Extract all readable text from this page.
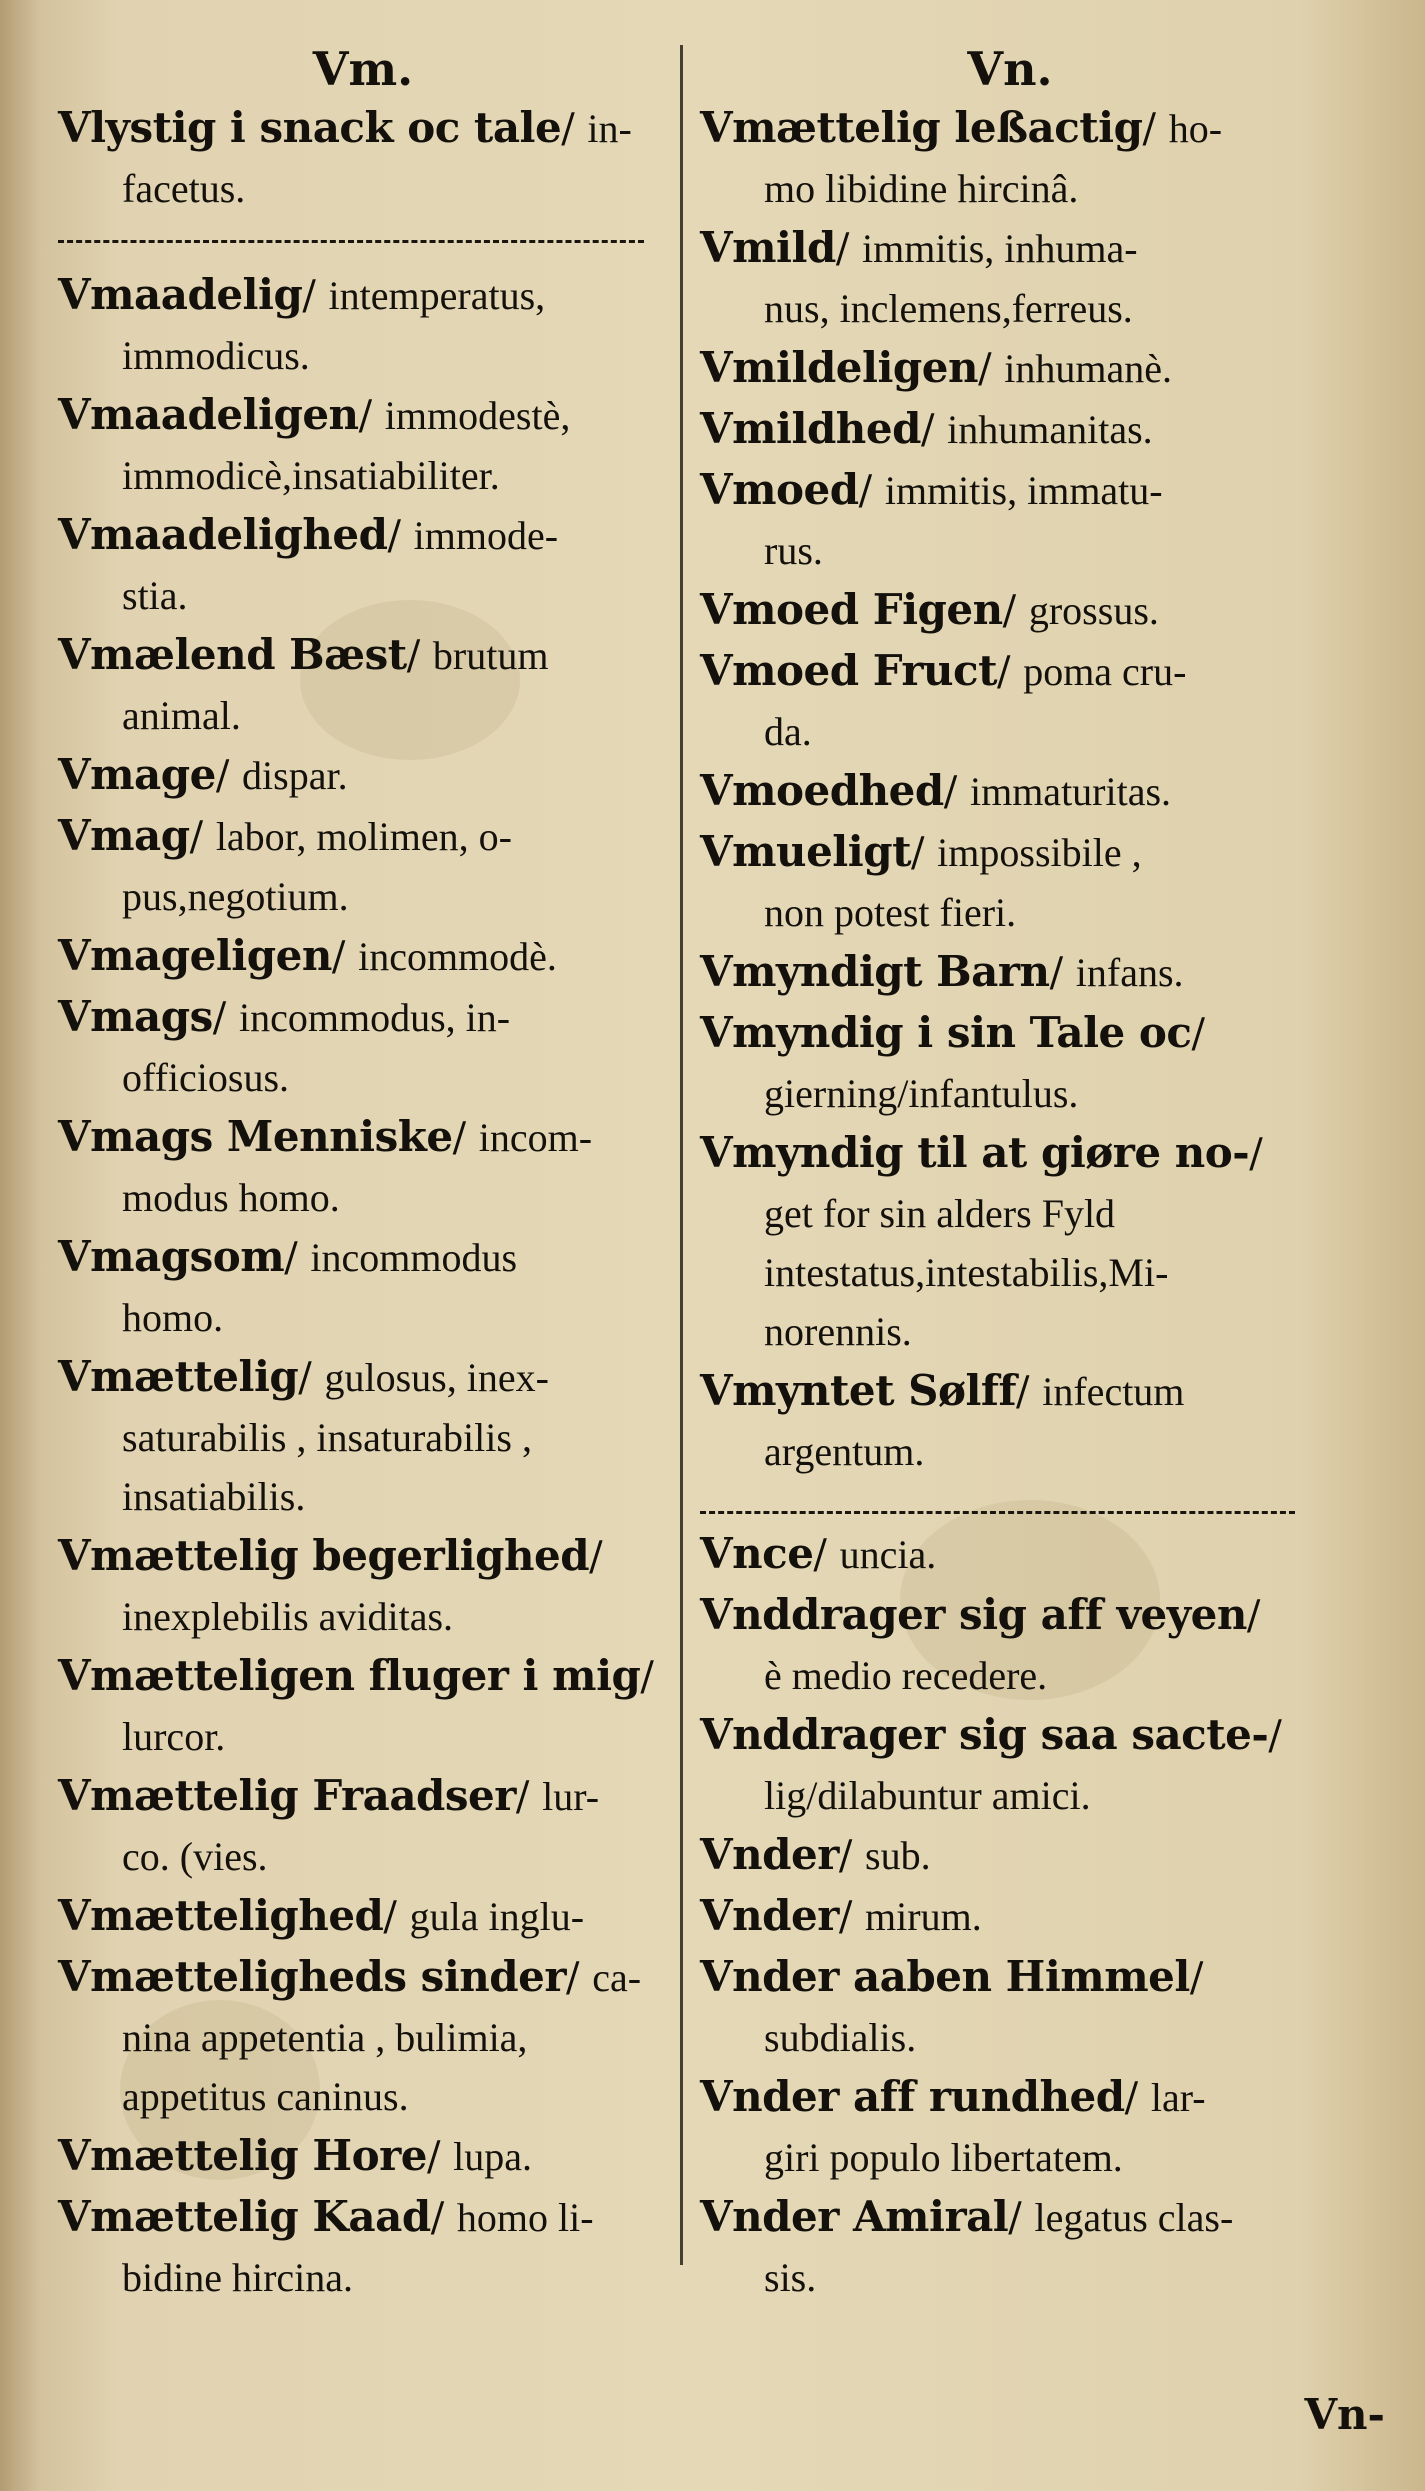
Vm.
Vlystig i snack oc tale/ in-
facetus.
Vmaadelig/ intemperatus,
immodicus.
Vmaadeligen/ immodestè,
immodicè,insatiabiliter.
Vmaadelighed/ immode-
stia.
Vmælend Bæst/ brutum
animal.
Vmage/ dispar.
Vmag/ labor, molimen, o-
pus,negotium.
Vmageligen/ incommodè.
Vmags/ incommodus, in-
officiosus.
Vmags Menniske/ incom-
modus homo.
Vmagsom/ incommodus
homo.
Vmættelig/ gulosus, inex-
saturabilis , insaturabilis ,
insatiabilis.
Vmættelig begerlighed/
inexplebilis aviditas.
Vmætteligen fluger i mig/
lurcor.
Vmættelig Fraadser/ lur-
co. (vies.
Vmættelighed/ gula inglu-
Vmætteligheds sinder/ ca-
nina appetentia , bulimia,
appetitus caninus.
Vmættelig Hore/ lupa.
Vmættelig Kaad/ homo li-
bidine hircina.
Vn.
Vmættelig leßactig/ ho-
mo libidine hircinâ.
Vmild/ immitis, inhuma-
nus, inclemens,ferreus.
Vmildeligen/ inhumanè.
Vmildhed/ inhumanitas.
Vmoed/ immitis, immatu-
rus.
Vmoed Figen/ grossus.
Vmoed Fruct/ poma cru-
da.
Vmoedhed/ immaturitas.
Vmueligt/ impossibile ,
non potest fieri.
Vmyndigt Barn/ infans.
Vmyndig i sin Tale oc/
gierning/infantulus.
Vmyndig til at giøre no-/
get for sin alders Fyld
intestatus,intestabilis,Mi-
norennis.
Vmyntet Sølff/ infectum
argentum.
Vnce/ uncia.
Vnddrager sig aff veyen/
è medio recedere.
Vnddrager sig saa sacte-/
lig/dilabuntur amici.
Vnder/ sub.
Vnder/ mirum.
Vnder aaben Himmel/
subdialis.
Vnder aff rundhed/ lar-
giri populo libertatem.
Vnder Amiral/ legatus clas-
sis.
Vn-
